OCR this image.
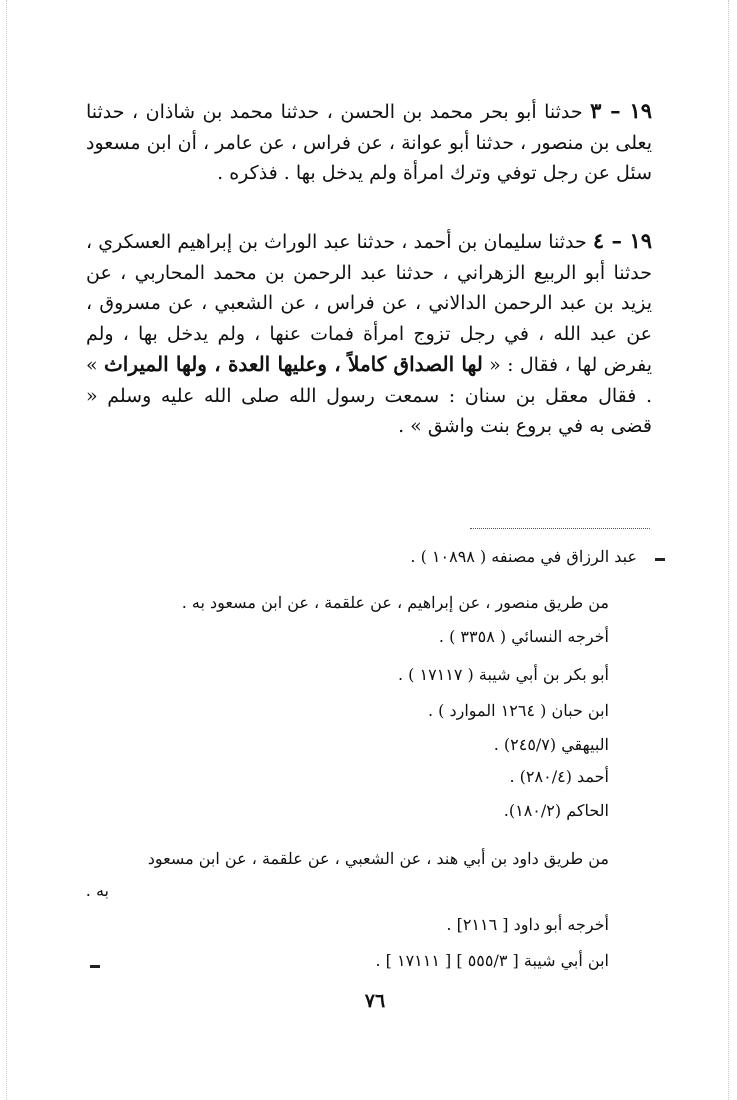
١٩ – ٣ حدثنا أبو بحر محمد بن الحسن ، حدثنا محمد بن شاذان ، حدثنا يعلى بن منصور ، حدثنا أبو عوانة ، عن فراس ، عن عامر ، أن ابن مسعود سئل عن رجل توفي وترك امرأة ولم يدخل بها . فذكره .
١٩ – ٤ حدثنا سليمان بن أحمد ، حدثنا عبد الوراث بن إبراهيم العسكري ، حدثنا أبو الربيع الزهراني ، حدثنا عبد الرحمن بن محمد المحاربي ، عن يزيد بن عبد الرحمن الدالاني ، عن فراس ، عن الشعبي ، عن مسروق ، عن عبد الله ، في رجل تزوج امرأة فمات عنها ، ولم يدخل بها ، ولم يفرض لها ، فقال : « لها الصداق كاملاً ، وعليها العدة ، ولها الميراث » . فقال معقل بن سنان : سمعت رسول الله صلى الله عليه وسلم « قضى به في بروع بنت واشق » .
عبد الرزاق في مصنفه ( ١٠٨٩٨ ) .
من طريق منصور ، عن إبراهيم ، عن علقمة ، عن ابن مسعود به .
أخرجه النسائي ( ٣٣٥٨ ) .
أبو بكر بن أبي شيبة ( ١٧١١٧ ) .
ابن حبان ( ١٢٦٤ الموارد ) .
البيهقي (٢٤٥/٧) .
أحمد (٢٨٠/٤) .
الحاكم (١٨٠/٢).
من طريق داود بن أبي هند ، عن الشعبي ، عن علقمة ، عن ابن مسعود
به .
أخرجه أبو داود [ ٢١١٦] .
ابن أبي شيبة [ ٥٥٥/٣ ] [ ١٧١١١ ] .
٧٦
